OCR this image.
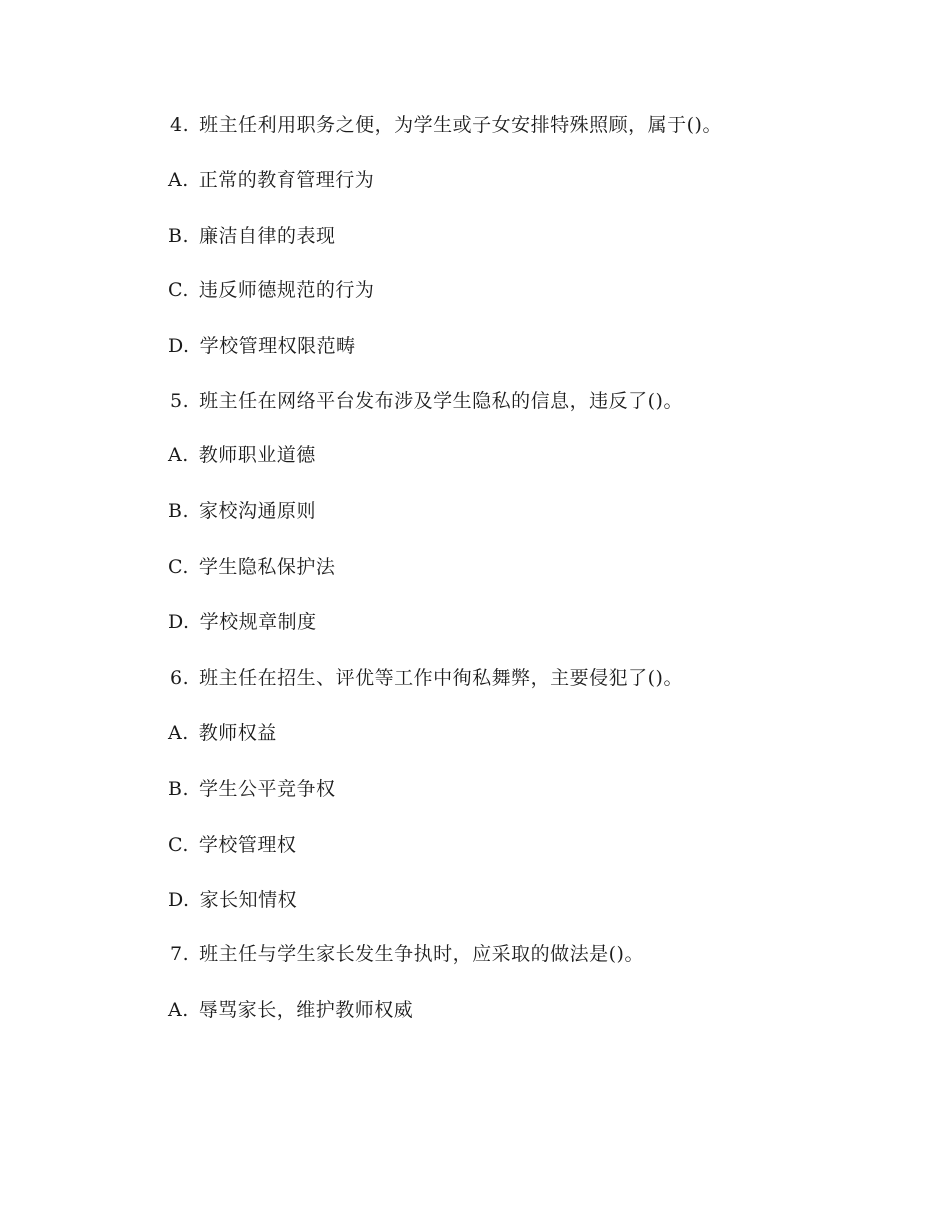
4. 班主任利用职务之便，为学生或子女安排特殊照顾，属于()。
A. 正常的教育管理行为
B. 廉洁自律的表现
C. 违反师德规范的行为
D. 学校管理权限范畴
5. 班主任在网络平台发布涉及学生隐私的信息，违反了()。
A. 教师职业道德
B. 家校沟通原则
C. 学生隐私保护法
D. 学校规章制度
6. 班主任在招生、评优等工作中徇私舞弊，主要侵犯了()。
A. 教师权益
B. 学生公平竞争权
C. 学校管理权
D. 家长知情权
7. 班主任与学生家长发生争执时，应采取的做法是()。
A. 辱骂家长，维护教师权威
